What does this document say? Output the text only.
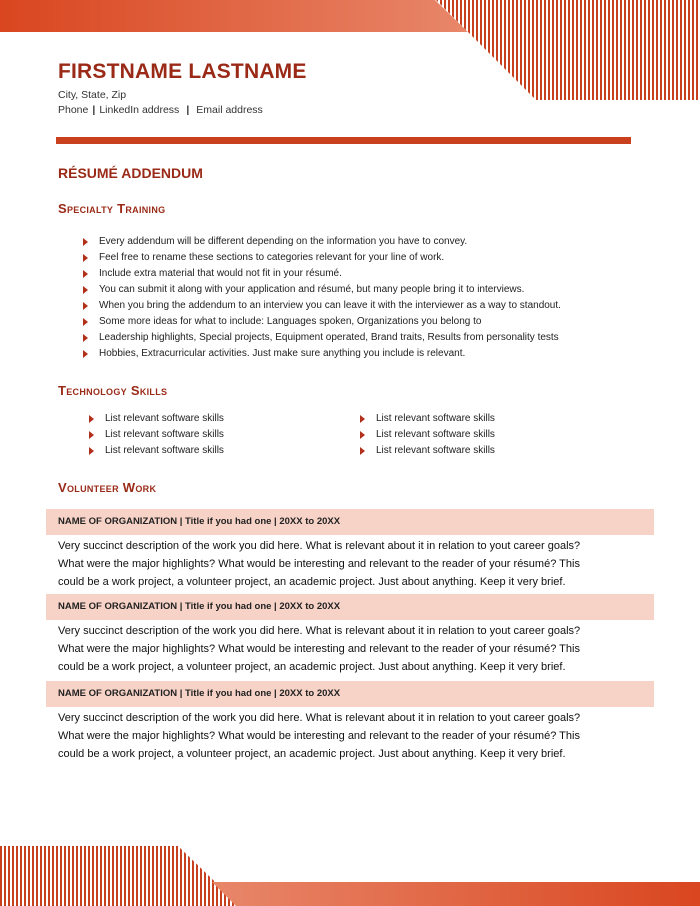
FIRSTNAME LASTNAME
City, State, Zip
Phone | LinkedIn address | Email address
RÉSUMÉ ADDENDUM
Specialty Training
Every addendum will be different depending on the information you have to convey.
Feel free to rename these sections to categories relevant for your line of work.
Include extra material that would not fit in your résumé.
You can submit it along with your application and résumé, but many people bring it to interviews.
When you bring the addendum to an interview you can leave it with the interviewer as a way to standout.
Some more ideas for what to include: Languages spoken, Organizations you belong to
Leadership highlights, Special projects, Equipment operated, Brand traits, Results from personality tests
Hobbies, Extracurricular activities. Just make sure anything you include is relevant.
Technology Skills
List relevant software skills
List relevant software skills
List relevant software skills
List relevant software skills
List relevant software skills
List relevant software skills
Volunteer Work
NAME OF ORGANIZATION | Title if you had one | 20XX to 20XX
Very succinct description of the work you did here. What is relevant about it in relation to yout career goals?
What were the major highlights? What would be interesting and relevant to the reader of your résumé? This
could be a work project, a volunteer project, an academic project. Just about anything. Keep it very brief.
NAME OF ORGANIZATION | Title if you had one | 20XX to 20XX
Very succinct description of the work you did here. What is relevant about it in relation to yout career goals?
What were the major highlights? What would be interesting and relevant to the reader of your résumé? This
could be a work project, a volunteer project, an academic project. Just about anything. Keep it very brief.
NAME OF ORGANIZATION | Title if you had one | 20XX to 20XX
Very succinct description of the work you did here. What is relevant about it in relation to yout career goals?
What were the major highlights? What would be interesting and relevant to the reader of your résumé? This
could be a work project, a volunteer project, an academic project. Just about anything. Keep it very brief.
